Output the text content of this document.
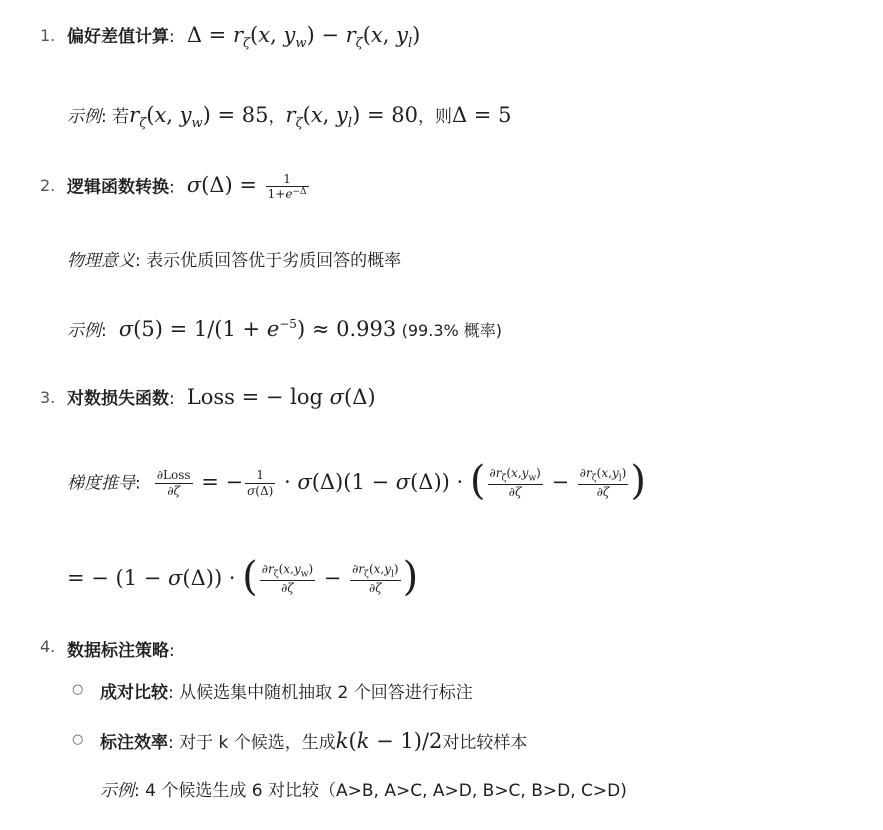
1. 偏好差值计算:  $\Delta = r_\zeta(x$, $y_w) - r_\zeta(x$, $y_l$)
示例: 若$r_\zeta(x$, $y_w) = 85$，$r_\zeta(x$, $y_l) = 80$，则Δ = 5
2. 逻辑函数转换: $\sigma(\Delta) = \frac{1}{1+e^{-\Delta}}$
物理意义: 表示优质回答优于劣质回答的概率
示例: $\sigma(5) = 1/(1 + e^{-5}) \approx 0.993$ (99.3% 概率)
3. 对数损失函数:  Loss = − log σ(Δ)
梯度推导: $\frac{\text{∂Loss}}{\partial\zeta}$ = − $\frac{1}{\sigma(\Delta)} \cdot \sigma(\Delta)(1 - \sigma(\Delta))$ · ( $\frac{\partial r_\zeta(x,y_w)}{\partial\zeta} - \frac{\partial r_\zeta(x,y_l)}{\partial\zeta}$ )
= − (1 − σ(Δ)) · ( $\frac{\partial r_\zeta(x,y_w)}{\partial\zeta} - \frac{\partial r_\zeta(x,y_l)}{\partial\zeta}$ )
4. 数据标注策略:
○ 成对比较: 从候选集中随机抽取 2 个回答进行标注
○ 标注效率: 对于 k 个候选，生成k(k − 1)/2对比较样本
示例: 4 个候选生成 6 对比较（A>B, A>C, A>D, B>C, B>D, C>D)
